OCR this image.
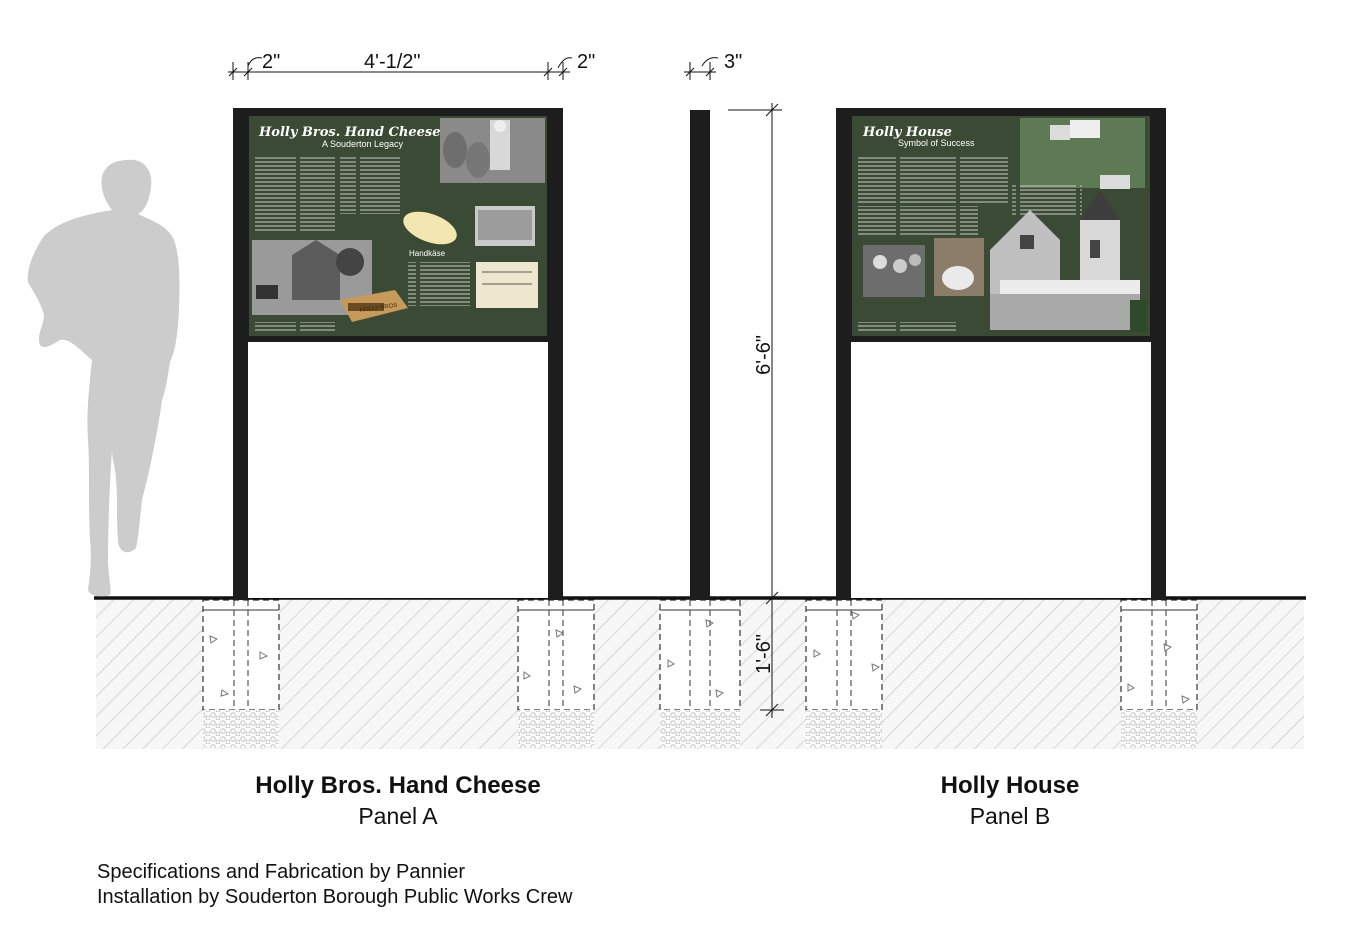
Holly Bros. Hand Cheese
A Souderton Legacy
Handkäse
HOLLY BROS
Holly House
Symbol of Success
2"	4'-1/2"	2"	3"
6'-6"
1'-6"
Holly Bros. Hand Cheese
Panel A
Holly House
Panel B
Specifications and Fabrication by Pannier
Installation by Souderton Borough Public Works Crew
